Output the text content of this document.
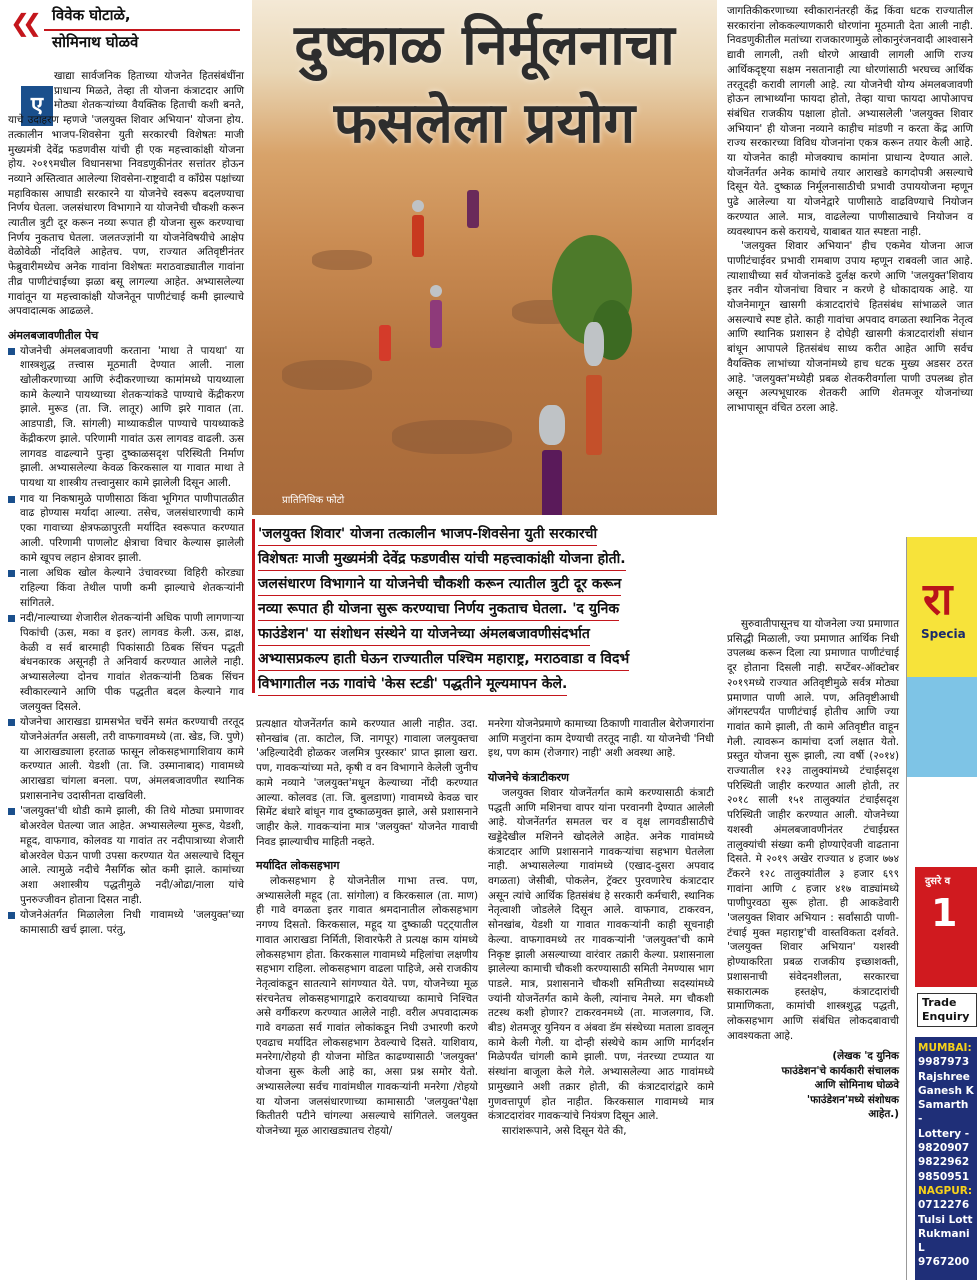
❮❮ विवेक घोटाळे,
सोमिनाथ घोळवे
ए

खाद्या सार्वजनिक हिताच्या योजनेत हितसंबंधींना प्राधान्य मिळते, तेव्हा ती योजना कंत्राटदार आणि मोठ्या शेतकऱ्यांच्या वैयक्तिक हिताची कशी बनते, याचे उदाहरण म्हणजे 'जलयुक्त शिवार अभियान' योजना होय. तत्कालीन भाजप-शिवसेना युती सरकारची विशेषतः माजी मुख्यमंत्री देवेंद्र फडणवीस यांची ही एक महत्त्वाकांक्षी योजना होय. २०१९मधील विधानसभा निवडणुकीनंतर सत्तांतर होऊन नव्याने अस्तित्वात आलेल्या शिवसेना-राष्ट्रवादी व काँग्रेस पक्षांच्या महाविकास आघाडी सरकारने या योजनेचे स्वरूप बदलण्याचा निर्णय घेतला. जलसंधारण विभागाने या योजनेची चौकशी करून त्यातील त्रुटी दूर करून नव्या रूपात ही योजना सुरू करण्याचा निर्णय नुकताच घेतला. जलतज्ज्ञांनी या योजनेविषयीचे आक्षेप वेळोवेळी नोंदविले आहेतच. पण, राज्यात अतिवृष्टीनंतर फेब्रुवारीमध्येच अनेक गावांना विशेषतः मराठवाड्यातील गावांना तीव्र पाणीटंचाईच्या झळा बसू लागल्या आहेत. अभ्यासलेल्या गावांतून या महत्त्वाकांक्षी योजनेतून पाणीटंचाई कमी झाल्याचे अपवादात्मक आढळले.

अंमलबजावणीतील पेच

योजनेची अंमलबजावणी करताना 'माथा ते पायथा' या शास्त्रशुद्ध तत्त्वास मूठमाती देण्यात आली. नाला खोलीकरणाच्या आणि रुंदीकरणाच्या कामांमध्ये पायथ्याला कामे केल्याने पायथ्याच्या शेतकऱ्यांकडे पाण्याचे केंद्रीकरण झाले. मुरूड (ता. जि. लातूर) आणि झरे गावात (ता. आडपाडी, जि. सांगली) माथ्याकडील पाण्याचे पायथ्याकडे केंद्रीकरण झाले. परिणामी गावांत ऊस लागवड वाढली. ऊस लागवड वाढल्याने पुन्हा दुष्काळसदृश परिस्थिती निर्माण झाली. अभ्यासलेल्या केवळ किरकसाल या गावात माथा ते पायथा या शास्त्रीय तत्त्वानुसार कामे झालेली दिसून आली.
गाव या निकषामुळे पाणीसाठा किंवा भूगिगत पाणीपातळीत वाढ होण्यास मर्यादा आल्या. तसेच, जलसंधारणाची कामे एका गावाच्या क्षेत्रफळापुरती मर्यादित स्वरूपात करण्यात आली. परिणामी पाणलोट क्षेत्राचा विचार केल्यास झालेली कामे खूपच लहान क्षेत्रावर झाली.
नाला अधिक खोल केल्याने उंचावरच्या विहिरी कोरड्या राहिल्या किंवा तेथील पाणी कमी झाल्याचे शेतकऱ्यांनी सांगितले.
नदी/नाल्याच्या शेजारील शेतकऱ्यांनी अधिक पाणी लागणाऱ्या पिकांची (ऊस, मका व इतर) लागवड केली. ऊस, द्राक्ष, केळी व सर्व बारमाही पिकांसाठी ठिबक सिंचन पद्धती बंधनकारक असूनही ते अनिवार्य करण्यात आलेले नाही. अभ्यासलेल्या दोनच गावांत शेतकऱ्यांनी ठिबक सिंचन स्वीकारल्याने आणि पीक पद्धतीत बदल केल्याने गाव जलयुक्त दिसले.
योजनेचा आराखडा ग्रामसभेत चर्चेने समंत करण्याची तरतूद योजनेअंतर्गत असली, तरी वाफगावमध्ये (ता. खेड, जि. पुणे) या आराखड्याला हरताळ फासून लोकसहभागाशिवाय कामे करण्यात आली. येडशी (ता. जि. उस्मानाबाद) गावामध्ये आराखडा चांगला बनला. पण, अंमलबजावणीत स्थानिक प्रशासनानेच उदासीनता दाखविली.
'जलयुक्त'ची थोडी कामे झाली, की तिथे मोठ्या प्रमाणावर बोअरवेल घेतल्या जात आहेत. अभ्यासलेल्या मुरूड, येडशी, महूद, वाफगाव, कोलवड या गावांत तर नदीपात्राच्या शेजारी बोअरवेल घेऊन पाणी उपसा करण्यात येत असल्याचे दिसून आले. त्यामुळे नदीचे नैसर्गिक स्रोत कमी झाले. कामांच्या अशा अशास्त्रीय पद्धतीमुळे नदी/ओढा/नाला यांचे पुनरुज्जीवन होताना दिसत नाही.
योजनेअंतर्गत मिळालेला निधी गावामध्ये 'जलयुक्त'च्या कामासाठी खर्च झाला. परंतु,
दुष्काळ निर्मूलनाचा
फसलेला प्रयोग
प्रातिनिधिक फोटो
'जलयुक्त शिवार' योजना तत्कालीन भाजप-शिवसेना युती सरकारची
विशेषतः माजी मुख्यमंत्री देवेंद्र फडणवीस यांची महत्त्वाकांक्षी योजना होती.
जलसंधारण विभागाने या योजनेची चौकशी करून त्यातील त्रुटी दूर करून
नव्या रूपात ही योजना सुरू करण्याचा निर्णय नुकताच घेतला. 'द युनिक
फाउंडेशन' या संशोधन संस्थेने या योजनेच्या अंमलबजावणीसंदर्भात
अभ्यासप्रकल्प हाती घेऊन राज्यातील पश्चिम महाराष्ट्र, मराठवाडा व विदर्भ
विभागातील नऊ गावांचे 'केस स्टडी' पद्धतीने मूल्यमापन केले.

प्रत्यक्षात योजनेंतर्गत कामे करण्यात आली नाहीत. उदा. सोनखांब (ता. काटोल, जि. नागपूर) गावाला जलयुक्तचा 'अहिल्यादेवी होळकर जलमित्र पुरस्कार' प्राप्त झाला खरा. पण, गावकऱ्यांच्या मते, कृषी व वन विभागाने केलेली जुनीच कामे नव्याने 'जलयुक्त'मधून केल्याच्या नोंदी करण्यात आल्या. कोलवड (ता. जि. बुलडाणा) गावामध्ये केवळ चार सिमेंट बंधारे बांधून गाव दुष्काळमुक्त झाले, असे प्रशासनाने जाहीर केले. गावकऱ्यांना मात्र 'जलयुक्त' योजनेत गावाची निवड झाल्याचीच माहिती नव्हते.

मर्यादित लोकसहभाग

लोकसहभाग हे योजनेतील गाभा तत्त्व. पण, अभ्यासलेली महूद (ता. सांगोला) व किरकसाल (ता. माण) ही गावे वगळता इतर गावात श्रमदानातील लोकसहभाग नगण्य दिसतो. किरकसाल, महूद या दुष्काळी पट्ट्यातील गावात आराखडा निर्मिती, शिवारफेरी ते प्रत्यक्ष काम यांमध्ये लोकसहभाग होता. किरकसाल गावामध्ये महिलांचा लक्षणीय सहभाग राहिला. लोकसहभाग वाढला पाहिजे, असे राजकीय नेतृत्वांकडून सातत्याने सांगण्यात येते. पण, योजनेच्या मूळ संरचनेतच लोकसहभागाद्वारे करावयाच्या कामाचे निश्चित असे वर्गीकरण करण्यात आलेले नाही. वरील अपवादात्मक गावे वगळता सर्व गावांत लोकांकडून निधी उभारणी करणे एवढाच मर्यादित लोकसहभाग ठेवल्याचे दिसते. याशिवाय, मनरेगा/रोहयो ही योजना मोडित काढण्यासाठी 'जलयुक्त' योजना सुरू केली आहे का, असा प्रश्न समोर येतो. अभ्यासलेल्या सर्वच गावांमधील गावकऱ्यांनी मनरेगा /रोहयो या योजना जलसंधारणाच्या कामासाठी 'जलयुक्त'पेक्षा कितीतरी पटीने चांगल्या असल्याचे सांगितले. जलयुक्त योजनेच्या मूळ आराखड्यातच रोहयो/

मनरेगा योजनेप्रमाणे कामाच्या ठिकाणी गावातील बेरोजगारांना आणि मजुरांना काम देण्याची तरतूद नाही. या योजनेची 'निधी इथ, पण काम (रोजगार) नाही' अशी अवस्था आहे.

योजनेचे कंत्राटीकरण

जलयुक्त शिवार योजनेंतर्गत कामे करण्यासाठी कंत्राटी पद्धती आणि मशिनचा वापर यांना परवानगी देण्यात आलेली आहे. योजनेंतर्गत समतल चर व वृक्ष लागवडीसाठीचे खड्डेदेखील मशिनने खोदलेले आहेत. अनेक गावांमध्ये कंत्राटदार आणि प्रशासनाने गावकऱ्यांचा सहभाग घेतलेला नाही. अभ्यासलेल्या गावांमध्ये (एखाद-दुसरा अपवाद वगळता) जेसीबी, पोकलेन, ट्रॅक्टर पुरवणारेच कंत्राटदार असून त्यांचे आर्थिक हितसंबंध हे सरकारी कर्मचारी, स्थानिक नेतृत्वाशी जोडलेले दिसून आले. वाफगाव, टाकरवन, सोनखांब, येडशी या गावात गावकऱ्यांनी काही सूचनाही केल्या. वाफगावमध्ये तर गावकऱ्यांनी 'जलयुक्त'ची कामे निकृष्ट झाली असल्याच्या वारंवार तक्रारी केल्या. प्रशासनाला झालेल्या कामाची चौकशी करण्यासाठी समिती नेमण्यास भाग पाडले. मात्र, प्रशासनाने चौकशी समितीच्या सदस्यांमध्ये ज्यांनी योजनेंतर्गत कामे केली, त्यांनाच नेमले. मग चौकशी तटस्थ कशी होणार? टाकरवनमध्ये (ता. माजलगाव, जि. बीड) शेतमजूर युनियन व अंबवा डॅम संस्थेच्या मताला डावलून कामे केली गेली. या दोन्ही संस्थेचे काम आणि मार्गदर्शन मिळेपर्यंत चांगली कामे झाली. पण, नंतरच्या टप्प्यात या संस्थांना बाजूला केले गेले. अभ्यासलेल्या आठ गावांमध्ये प्रामुख्याने अशी तक्रार होती, की कंत्राटदारांद्वारे कामे गुणवत्तापूर्ण होत नाहीत. किरकसाल गावामध्ये मात्र कंत्राटदारांवर गावकऱ्यांचे नियंत्रण दिसून आले.

सारांशरूपाने, असे दिसून येते की,

जागतिकीकरणाच्या स्वीकारानंतरही केंद्र किंवा धटक राज्यातील सरकारांना लोककल्याणकारी धोरणांना मूठमाती देता आली नाही. निवडणुकीतील मतांच्या राजकारणामुळे लोकानुरंजनवादी आश्वासने द्यावी लागली, तशी धोरणे आखावी लागली आणि राज्य आर्थिकदृष्ट्या सक्षम नसतानाही त्या धोरणांसाठी भरघच्च आर्थिक तरतूदही करावी लागली आहे. त्या योजनेची योग्य अंमलबजावणी होऊन लाभार्थ्यांना फायदा होतो, तेव्हा याचा फायदा आपोआपच संबंधित राजकीय पक्षाला होतो. अभ्यासलेली 'जलयुक्त शिवार अभियान' ही योजना नव्याने काहीच मांडणी न करता केंद्र आणि राज्य सरकारच्या विविध योजनांना एकत्र करून तयार केली आहे. या योजनेत काही मोजक्याच कामांना प्राधान्य देण्यात आले. योजनेंतर्गत अनेक कामांचे तयार आराखडे कागदोपत्री असल्याचे दिसून येते. दुष्काळ निर्मूलनासाठीची प्रभावी उपाययोजना म्हणून पुढे आलेल्या या योजनेद्वारे पाणीसाठे वाढविण्याचे नियोजन करण्यात आले. मात्र, वाढलेल्या पाणीसाठ्याचे नियोजन व व्यवस्थापन कसे करायचे, याबाबत यात स्पष्टता नाही.

'जलयुक्त शिवार अभियान' हीच एकमेव योजना आज पाणीटंचाईवर प्रभावी रामबाण उपाय म्हणून राबवली जात आहे. त्याशाधीच्या सर्व योजनांकडे दुर्लक्ष करणे आणि 'जलयुक्त'शिवाय इतर नवीन योजनांचा विचार न करणे हे धोकादायक आहे. या योजनेमागून खासगी कंत्राटदारांचे हितसंबंध सांभाळले जात असल्याचे स्पष्ट होते. काही गावांचा अपवाद वगळता स्थानिक नेतृत्व आणि स्थानिक प्रशासन हे दोघेही खासगी कंत्राटदारांशी संधान बांधून आपापले हितसंबंध साध्य करीत आहेत आणि सर्वच वैयक्तिक लाभांच्या योजनांमध्ये हाच धटक मुख्य अडसर ठरत आहे. 'जलयुक्त'मध्येही प्रबळ शेतकरीवर्गाला पाणी उपलब्ध होत असून अल्पभूधारक शेतकरी आणि शेतमजूर योजनांच्या लाभापासून वंचित ठरला आहे.

सुरुवातीपासूनच या योजनेला ज्या प्रमाणात प्रसिद्धी मिळाली, ज्या प्रमाणात आर्थिक निधी उपलब्ध करून दिला त्या प्रमाणात पाणीटंचाई दूर होताना दिसली नाही. सप्टेंबर-ऑक्टोबर २०१९मध्ये राज्यात अतिवृष्टीमुळे सर्वत्र मोठ्या प्रमाणात पाणी आले. पण, अतिवृष्टीआधी ऑगस्टपर्यंत पाणीटंचाई होतीच आणि ज्या गावांत कामे झाली, ती कामे अतिवृष्टीत वाहून गेली. त्यावरून कामांचा दर्जा लक्षात येतो. प्रस्तुत योजना सुरू झाली, त्या वर्षी (२०१४) राज्यातील १२३ तालुक्यांमध्ये टंचाईसदृश परिस्थिती जाहीर करण्यात आली होती, तर २०१८ साली १५१ तालुक्यांत टंचाईसदृश परिस्थिती जाहीर करण्यात आली. योजनेच्या यशस्वी अंमलबजावणीनंतर टंचाईग्रस्त तालुक्यांची संख्या कमी होण्याऐवजी वाढताना दिसते. मे २०१९ अखेर राज्यात ४ हजार ७७४ टँकरने १२८ तालुक्यांतील ३ हजार ६९९ गावांना आणि ८ हजार ४१७ वाड्यांमध्ये पाणीपुरवठा सुरू होता. ही आकडेवारी 'जलयुक्त शिवार अभियान : सर्वांसाठी पाणी-टंचाई मुक्त महाराष्ट्र'ची वास्तविकता दर्शवते. 'जलयुक्त शिवार अभियान' यशस्वी होण्याकरिता प्रबळ राजकीय इच्छाशक्ती, प्रशासनाची संवेदनशीलता, सरकारचा सकारात्मक हस्तक्षेप, कंत्राटदारांची प्रामाणिकता, कामांची शास्त्रशुद्ध पद्धती, लोकसहभाग आणि संबंधित लोकदबावाची आवश्यकता आहे.

(लेखक 'द युनिक
फाउंडेशन'चे कार्यकारी संचालक
आणि सोमिनाथ घोळवे
'फाउंडेशन'मध्ये संशोधक
आहेत.)
रा
Specia
दुसरे व
1
Trade
Enquiry
MUMBAI:
9987973
Rajshree
Ganesh K
Samarth -
Lottery -
9820907
9822962
9850951
NAGPUR:
0712276
Tulsi Lott
Rukmani L
9767200
